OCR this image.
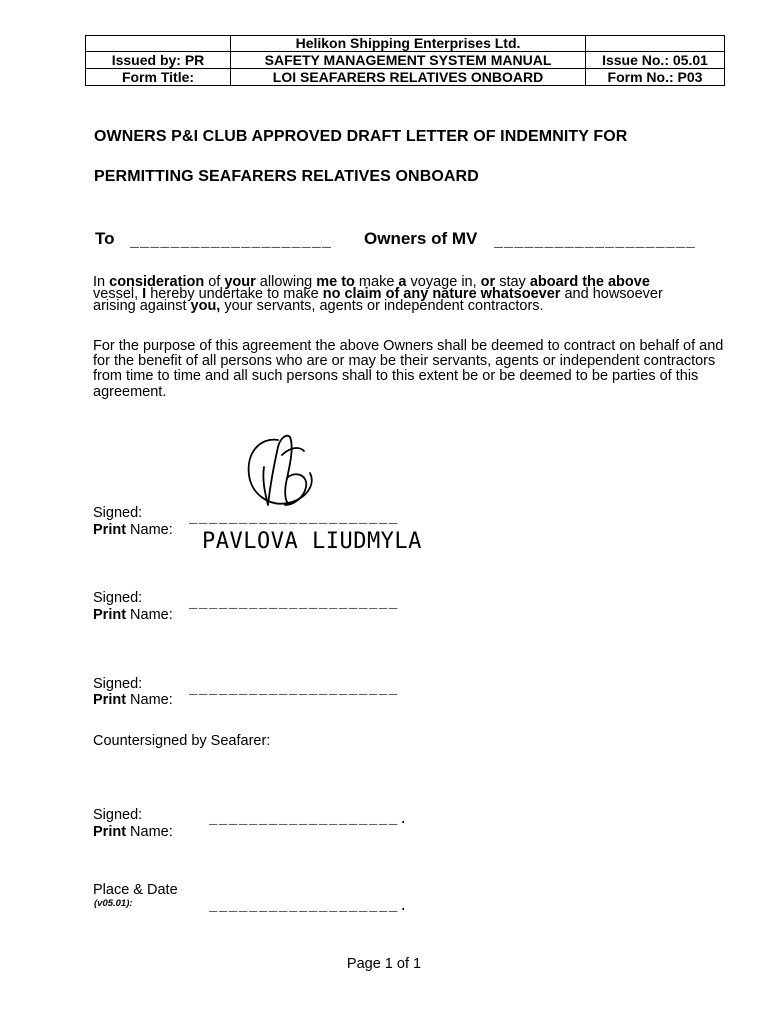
	Helikon Shipping Enterprises Ltd.	
Issued by: PR	SAFETY MANAGEMENT SYSTEM MANUAL	Issue No.: 05.01
Form Title:	LOI SEAFARERS RELATIVES ONBOARD	Form No.: P03
OWNERS P&I CLUB APPROVED DRAFT LETTER OF INDEMNITY FOR
PERMITTING SEAFARERS RELATIVES ONBOARD
To ____________________ Owners of MV ____________________
In consideration of your allowing me to make a voyage in, or stay aboard the above
vessel, I hereby undertake to make no claim of any nature whatsoever and howsoever
arising against you, your servants, agents or independent contractors.
For the purpose of this agreement the above Owners shall be deemed to contract on behalf of and for the benefit of all persons who are or may be their servants, agents or independent contractors from time to time and all such persons shall to this extent be or be deemed to be parties of this agreement.
Signed:
Print Name:
_____________________
PAVLOVA LIUDMYLA
Signed:
Print Name:
_____________________
Signed:
Print Name:
_____________________
Countersigned by Seafarer:
Signed:
Print Name:
___________________.
Place & Date
(v05.01):	___________________.
Page 1 of 1
